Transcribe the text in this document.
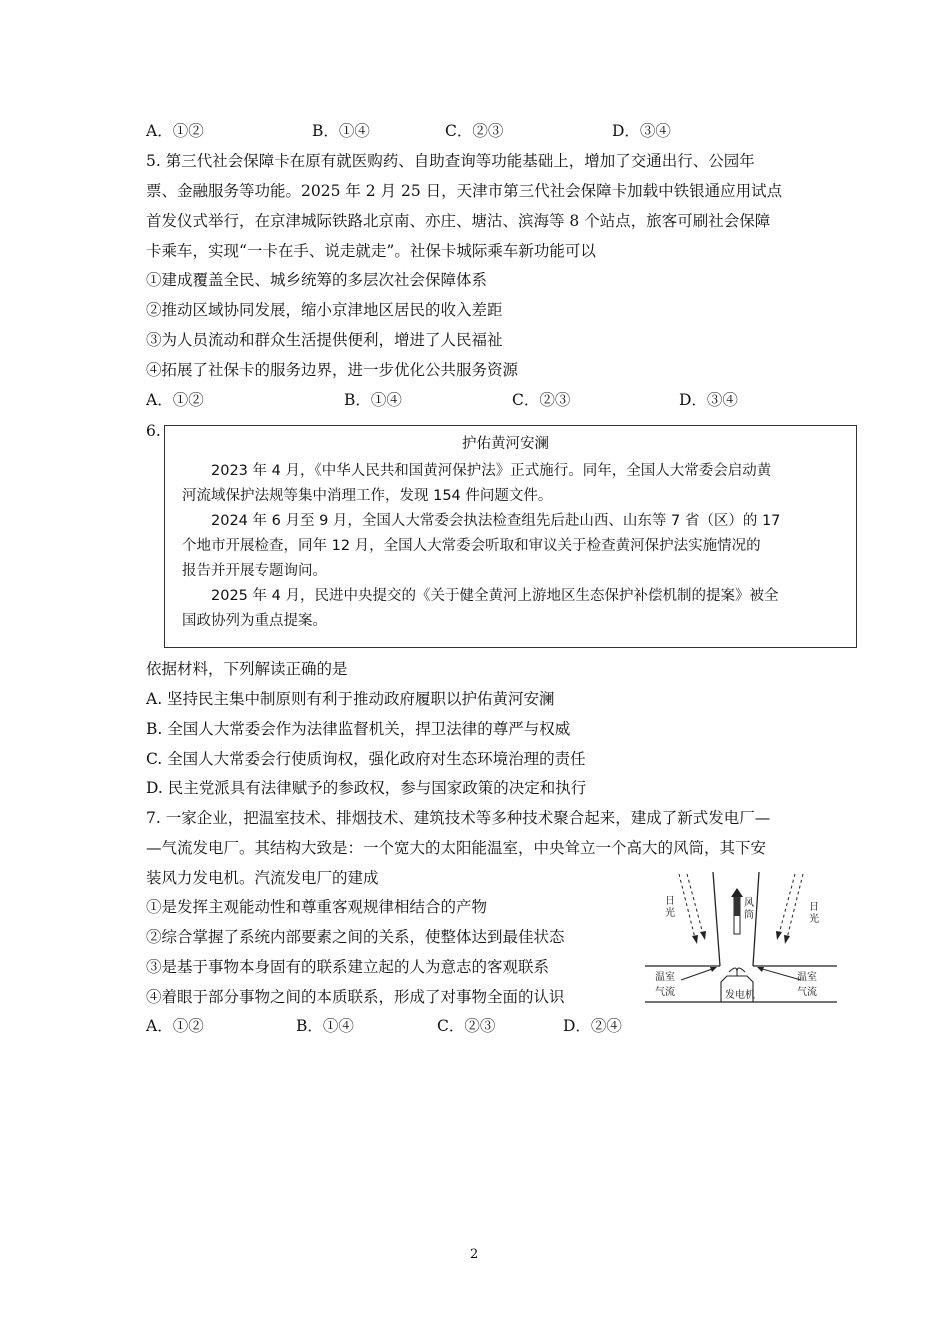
A．①②	B．①④	C．②③	D．③④
5. 第三代社会保障卡在原有就医购药、自助查询等功能基础上，增加了交通出行、公园年
票、金融服务等功能。2025 年 2 月 25 日，天津市第三代社会保障卡加载中铁银通应用试点
首发仪式举行，在京津城际铁路北京南、亦庄、塘沽、滨海等 8 个站点，旅客可刷社会保障
卡乘车，实现“一卡在手、说走就走”。社保卡城际乘车新功能可以
①建成覆盖全民、城乡统筹的多层次社会保障体系
②推动区域协同发展，缩小京津地区居民的收入差距
③为人员流动和群众生活提供便利，增进了人民福祉
④拓展了社保卡的服务边界，进一步优化公共服务资源
A．①②	B．①④	C．②③	D．③④
6.
护佑黄河安澜
2023 年 4 月，《中华人民共和国黄河保护法》正式施行。同年，全国人大常委会启动黄
河流域保护法规等集中消理工作，发现 154 件问题文件。
2024 年 6 月至 9 月，全国人大常委会执法检查组先后赴山西、山东等 7 省（区）的 17
个地市开展检查，同年 12 月，全国人大常委会听取和审议关于检查黄河保护法实施情况的
报告并开展专题询问。
2025 年 4 月，民进中央提交的《关于健全黄河上游地区生态保护补偿机制的提案》被全
国政协列为重点提案。
依据材料，下列解读正确的是
A. 坚持民主集中制原则有利于推动政府履职以护佑黄河安澜
B. 全国人大常委会作为法律监督机关，捍卫法律的尊严与权威
C. 全国人大常委会行使质询权，强化政府对生态环境治理的责任
D. 民主党派具有法律赋予的参政权，参与国家政策的决定和执行
7. 一家企业，把温室技术、排烟技术、建筑技术等多种技术聚合起来，建成了新式发电厂—
—气流发电厂。其结构大致是：一个宽大的太阳能温室，中央耸立一个高大的风筒，其下安
装风力发电机。汽流发电厂的建成
①是发挥主观能动性和尊重客观规律相结合的产物
②综合掌握了系统内部要素之间的关系，使整体达到最佳状态
③是基于事物本身固有的联系建立起的人为意志的客观联系
④着眼于部分事物之间的本质联系，形成了对事物全面的认识
A．①②	B．①④	C．②③	D．②④
日光
日光
风筒
温室
气流
温室
气流
发电机
2
